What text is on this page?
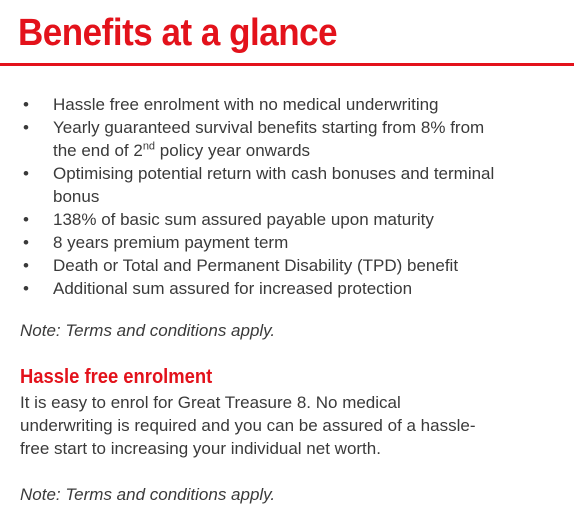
Benefits at a glance
• Hassle free enrolment with no medical underwriting
• Yearly guaranteed survival benefits starting from 8% from
the end of 2nd policy year onwards
• Optimising potential return with cash bonuses and terminal
bonus
• 138% of basic sum assured payable upon maturity
• 8 years premium payment term
• Death or Total and Permanent Disability (TPD) benefit
• Additional sum assured for increased protection

Note: Terms and conditions apply.

Hassle free enrolment

It is easy to enrol for Great Treasure 8. No medical
underwriting is required and you can be assured of a hassle-
free start to increasing your individual net worth.

Note: Terms and conditions apply.
